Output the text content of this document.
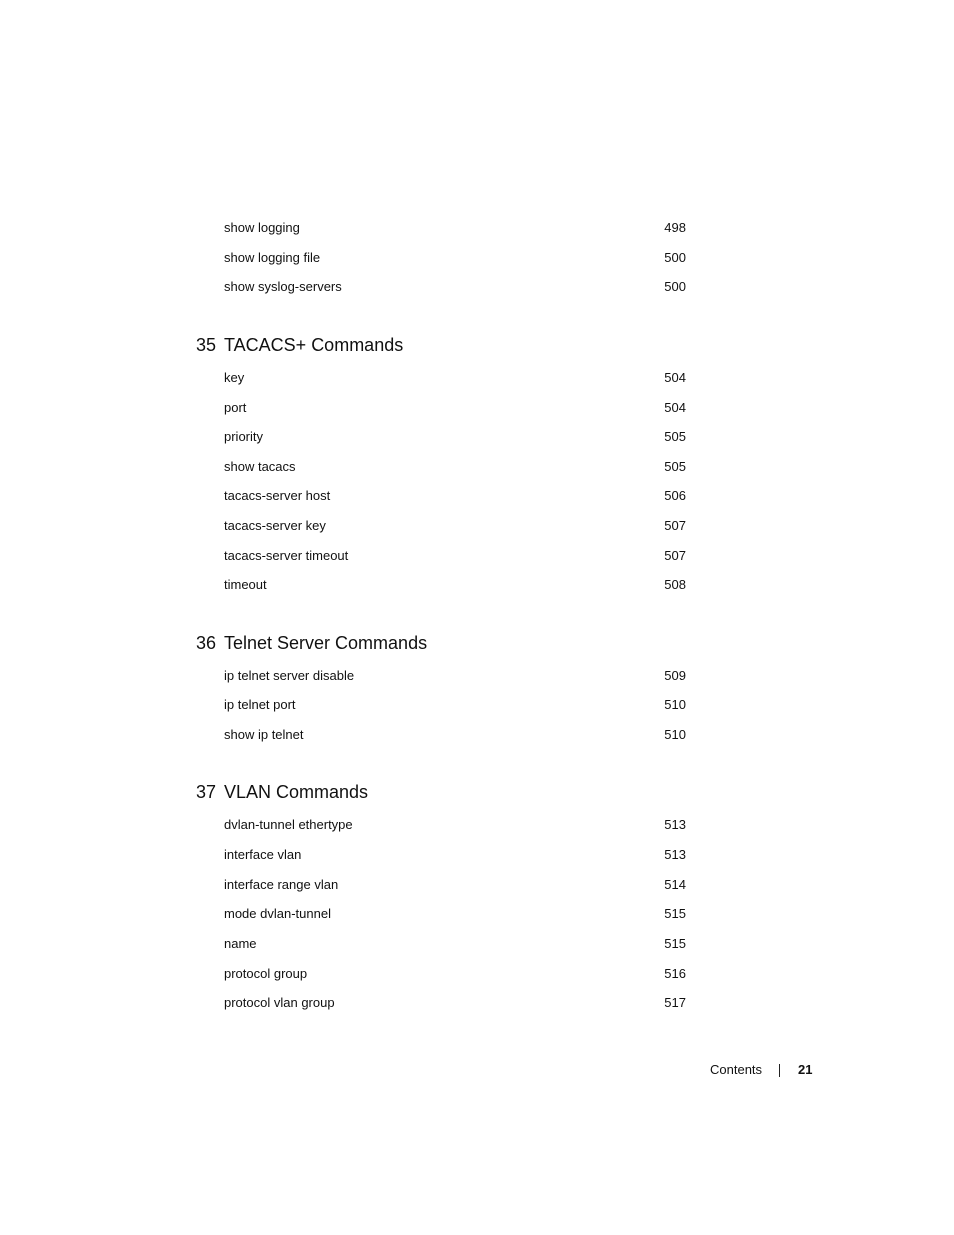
show logging	498
show logging file	500
show syslog-servers	500
35 TACACS+ Commands
key	504
port	504
priority	505
show tacacs	505
tacacs-server host	506
tacacs-server key	507
tacacs-server timeout	507
timeout	508
36 Telnet Server Commands
ip telnet server disable	509
ip telnet port	510
show ip telnet	510
37 VLAN Commands
dvlan-tunnel ethertype	513
interface vlan	513
interface range vlan	514
mode dvlan-tunnel	515
name	515
protocol group	516
protocol vlan group	517
Contents	21
